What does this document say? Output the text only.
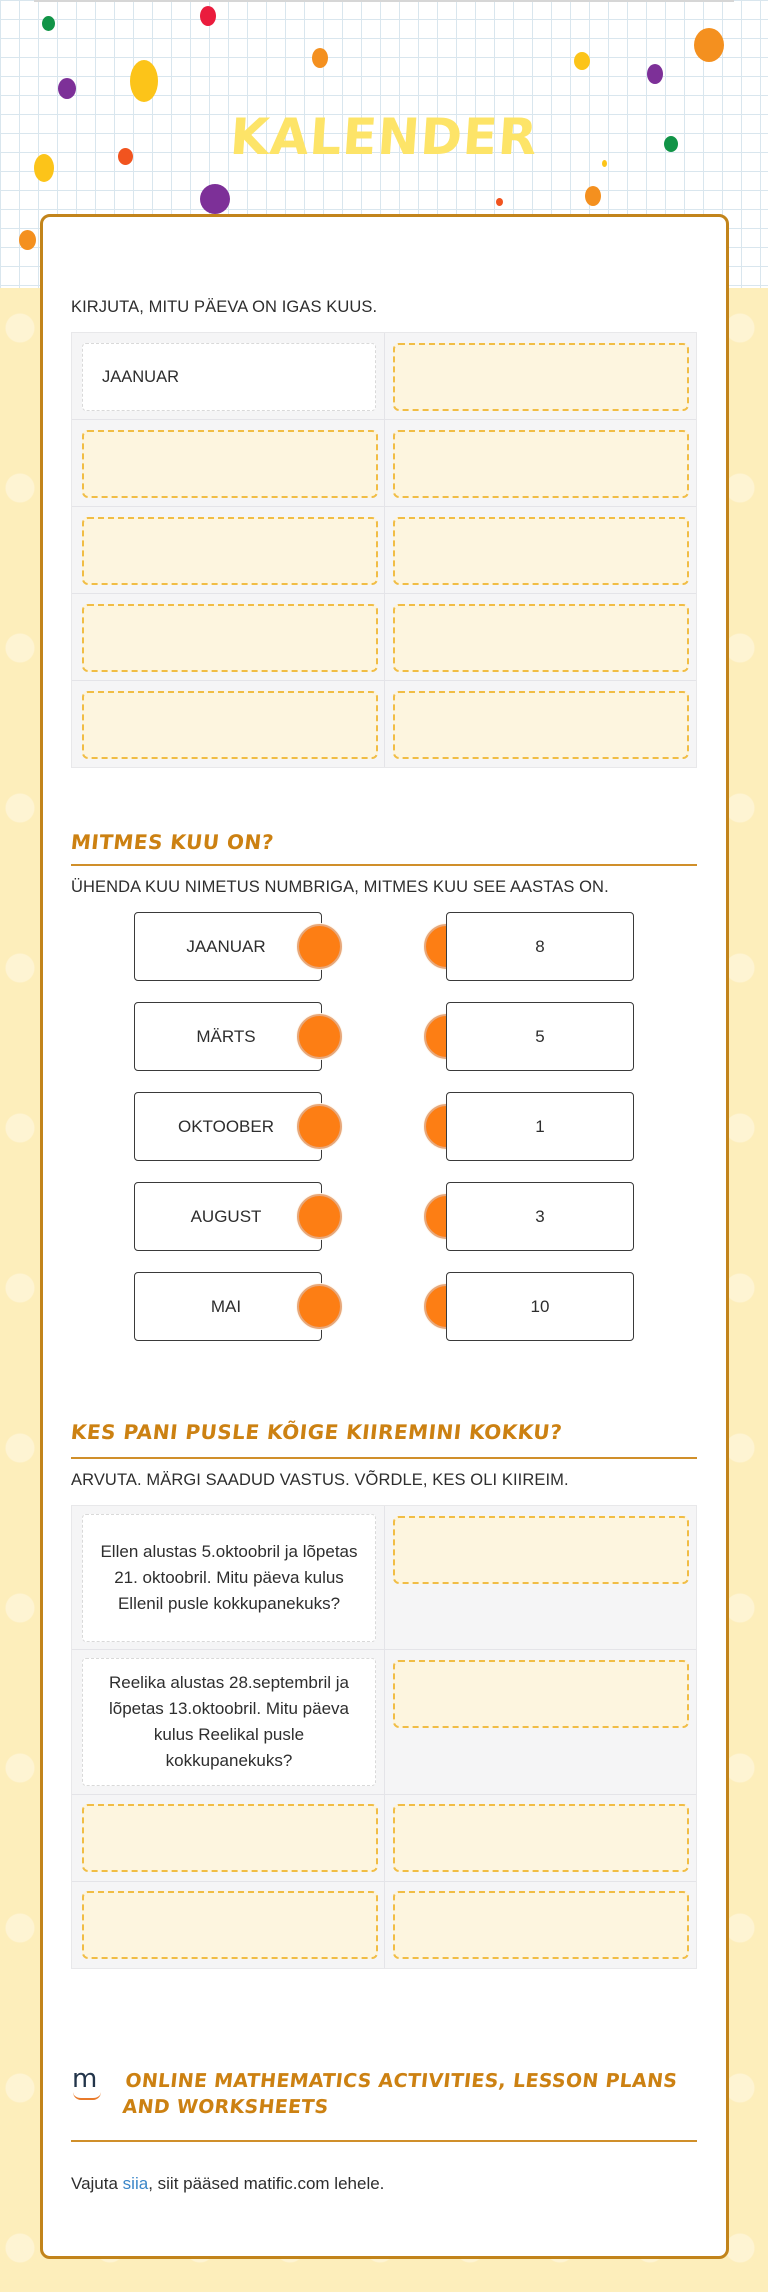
KALENDER
KIRJUTA, MITU PÄEVA ON IGAS KUUS.
JAANUAR
MITMES KUU ON?
ÜHENDA KUU NIMETUS NUMBRIGA, MITMES KUU SEE AASTAS ON.
JAANUAR	8
MÄRTS	5
OKTOOBER	1
AUGUST	3
MAI	10
KES PANI PUSLE KÕIGE KIIREMINI KOKKU?
ARVUTA. MÄRGI SAADUD VASTUS. VÕRDLE, KES OLI KIIREIM.
Ellen alustas 5.oktoobril ja lõpetas 21. oktoobril. Mitu päeva kulus Ellenil pusle kokkupanekuks?
Reelika alustas 28.septembril ja lõpetas 13.oktoobril. Mitu päeva kulus Reelikal pusle kokkupanekuks?
m ONLINE MATHEMATICS ACTIVITIES, LESSON PLANS AND WORKSHEETS
Vajuta siia, siit pääsed matific.com lehele.
